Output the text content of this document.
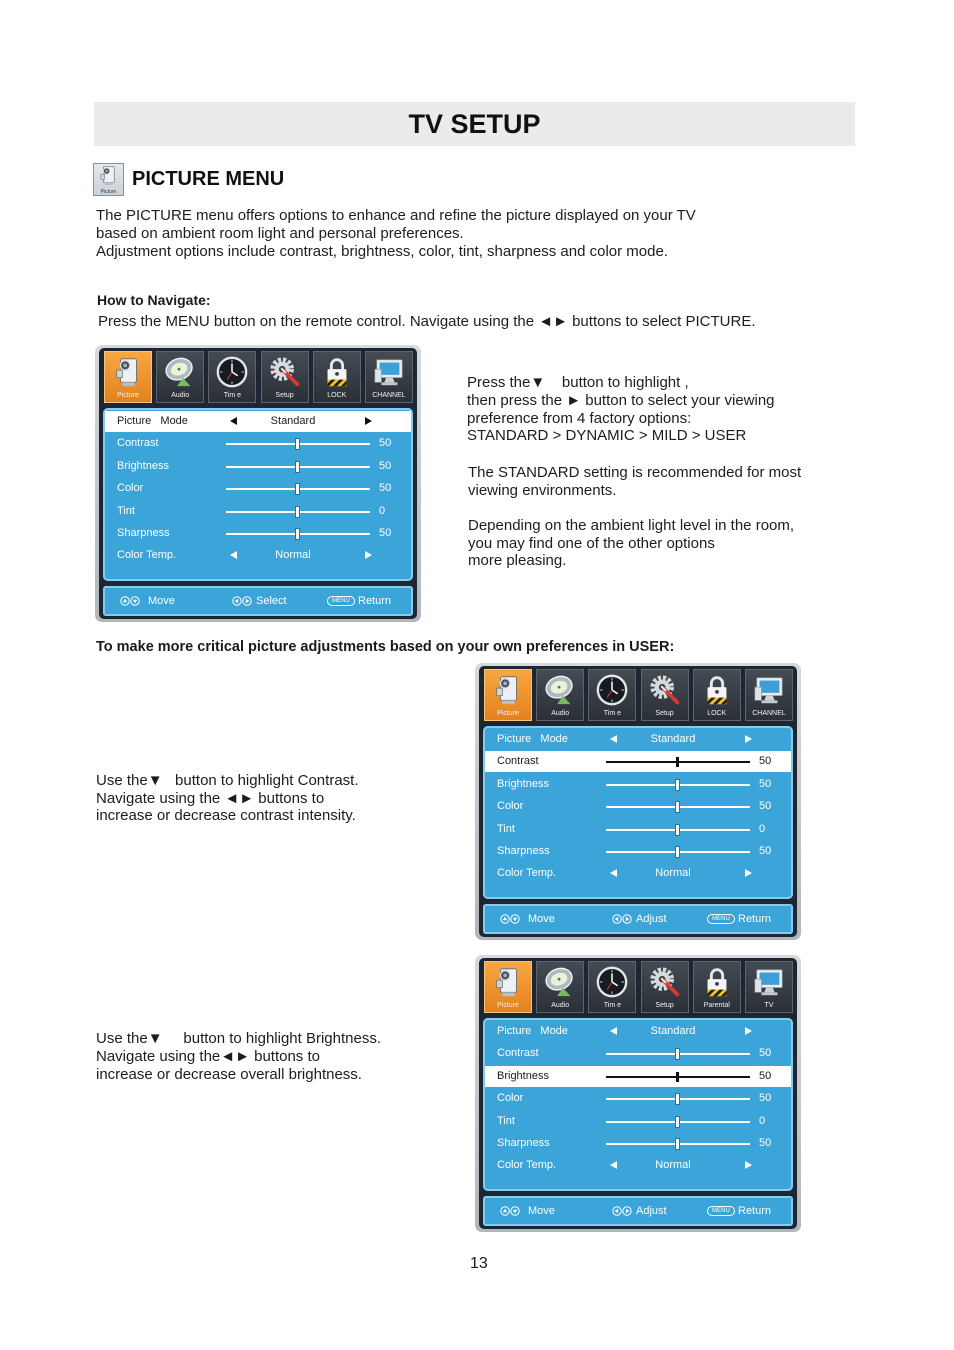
TV SETUP
Picture
PICTURE MENU
The PICTURE menu offers options to enhance and refine the picture displayed on your TV
based on ambient room light and personal preferences.
Adjustment options include contrast, brightness, color, tint, sharpness and color mode.
How to Navigate:
Press the MENU button on the remote control. Navigate using the ◄► buttons to select PICTURE.
Press the▼    button to highlight ,
then press the ► button to select your viewing
preference from 4 factory options:
STANDARD > DYNAMIC > MILD > USER
The STANDARD setting is recommended for most
viewing environments.
Depending on the ambient light level in the room,
you may find one of the other options
more pleasing.
To make more critical picture adjustments based on your own preferences in USER:
Use the▼   button to highlight Contrast.
Navigate using the ◄► buttons to
increase or decrease contrast intensity.
Use the▼     button to highlight Brightness.
Navigate using the◄► buttons to
increase or decrease overall brightness.
Picture	Audio	Tim e	Setup	LOCK	CHANNEL
Picture   Mode	Standard
Contrast	50
Brightness	50
Color	50
Tint	0
Sharpness	50
Color Temp.	Normal
Move	Select	MENU Return
Picture	Audio	Tim e	Setup	LOCK	CHANNEL
Picture   Mode	Standard
Contrast	50
Brightness	50
Color	50
Tint	0
Sharpness	50
Color Temp.	Normal
Move	Adjust	MENU Return
Picture	Audio	Tim e	Setup	Parental	TV
Picture   Mode	Standard
Contrast	50
Brightness	50
Color	50
Tint	0
Sharpness	50
Color Temp.	Normal
Move	Adjust	MENU Return
13
